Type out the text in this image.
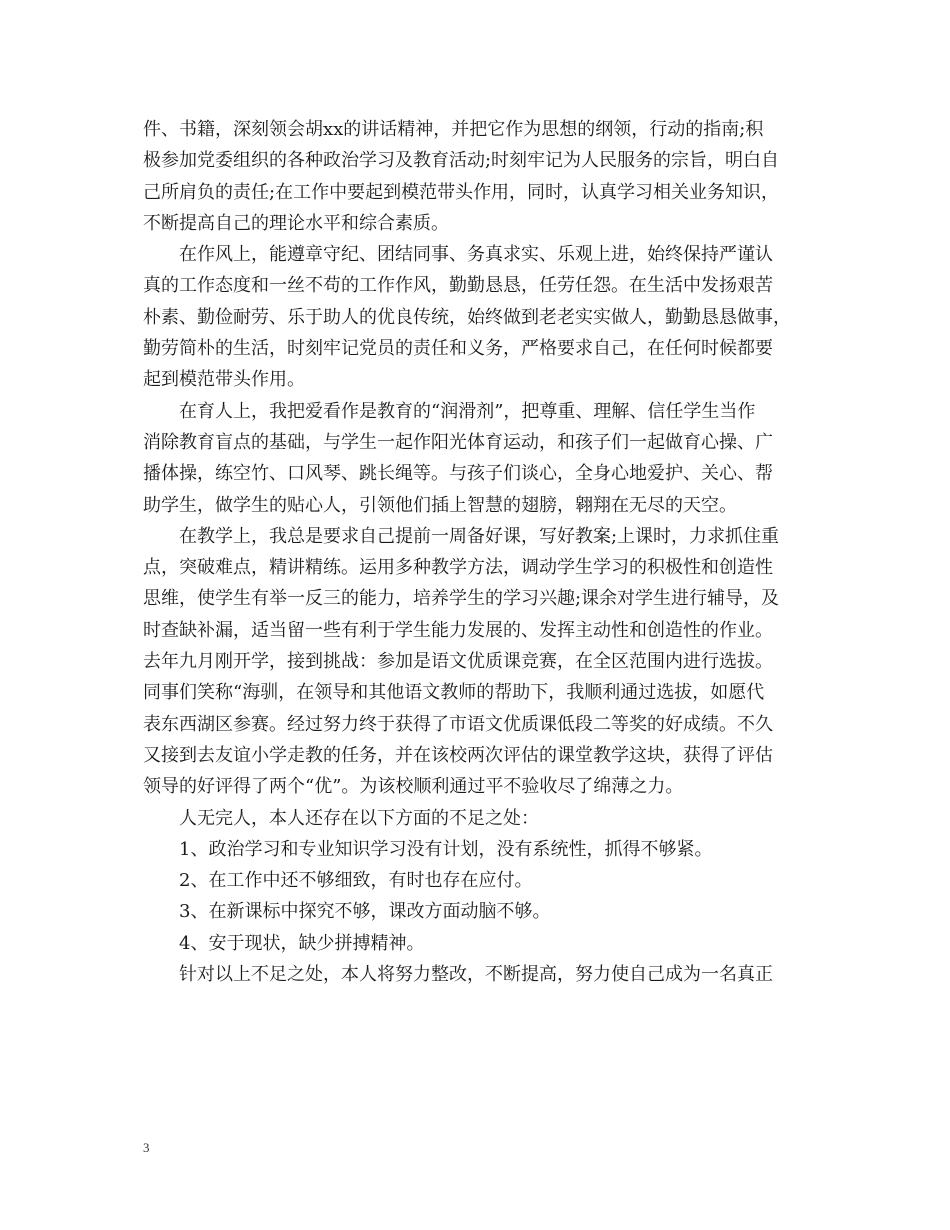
件、书籍，深刻领会胡xx的讲话精神，并把它作为思想的纲领，行动的指南;积

极参加党委组织的各种政治学习及教育活动;时刻牢记为人民服务的宗旨，明白自

己所肩负的责任;在工作中要起到模范带头作用，同时，认真学习相关业务知识，

不断提高自己的理论水平和综合素质。

　　在作风上，能遵章守纪、团结同事、务真求实、乐观上进，始终保持严谨认

真的工作态度和一丝不苟的工作作风，勤勤恳恳，任劳任怨。在生活中发扬艰苦

朴素、勤俭耐劳、乐于助人的优良传统，始终做到老老实实做人，勤勤恳恳做事，

勤劳简朴的生活，时刻牢记党员的责任和义务，严格要求自己，在任何时候都要

起到模范带头作用。

　　在育人上，我把爱看作是教育的“润滑剂”，把尊重、理解、信任学生当作

消除教育盲点的基础，与学生一起作阳光体育运动，和孩子们一起做育心操、广

播体操，练空竹、口风琴、跳长绳等。与孩子们谈心，全身心地爱护、关心、帮

助学生，做学生的贴心人，引领他们插上智慧的翅膀，翱翔在无尽的天空。

　　在教学上，我总是要求自己提前一周备好课，写好教案;上课时，力求抓住重

点，突破难点，精讲精练。运用多种教学方法，调动学生学习的积极性和创造性

思维，使学生有举一反三的能力，培养学生的学习兴趣;课余对学生进行辅导，及

时查缺补漏，适当留一些有利于学生能力发展的、发挥主动性和创造性的作业。

去年九月刚开学，接到挑战：参加是语文优质课竞赛，在全区范围内进行选拔。

同事们笑称“海驯，在领导和其他语文教师的帮助下，我顺利通过选拔，如愿代

表东西湖区参赛。经过努力终于获得了市语文优质课低段二等奖的好成绩。不久

又接到去友谊小学走教的任务，并在该校两次评估的课堂教学这块，获得了评估

领导的好评得了两个“优”。为该校顺利通过平不验收尽了绵薄之力。

　　人无完人，本人还存在以下方面的不足之处：

　　1、政治学习和专业知识学习没有计划，没有系统性，抓得不够紧。

　　2、在工作中还不够细致，有时也存在应付。

　　3、在新课标中探究不够，课改方面动脑不够。

　　4、安于现状，缺少拼搏精神。

　　针对以上不足之处，本人将努力整改，不断提高，努力使自己成为一名真正

3
